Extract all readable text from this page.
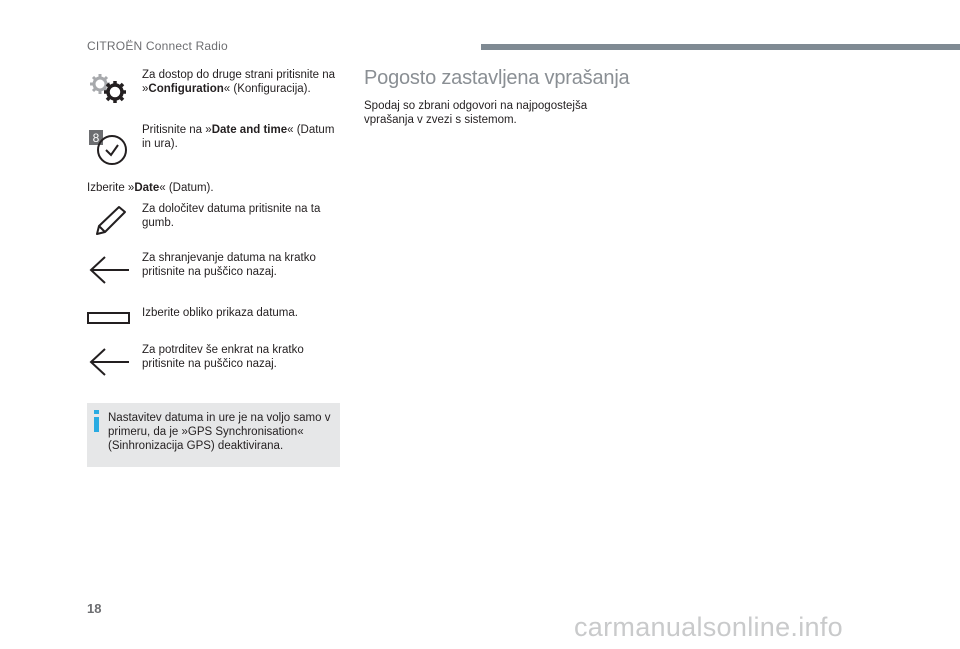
CITROËN Connect Radio
Za dostop do druge strani pritisnite na »Configuration« (Konfiguracija).
8
Pritisnite na »Date and time« (Datum in ura).
Izberite »Date« (Datum).
Za določitev datuma pritisnite na ta gumb.
Za shranjevanje datuma na kratko pritisnite na puščico nazaj.
Izberite obliko prikaza datuma.
Za potrditev še enkrat na kratko pritisnite na puščico nazaj.
Nastavitev datuma in ure je na voljo samo v primeru, da je »GPS Synchronisation« (Sinhronizacija GPS) deaktivirana.
Pogosto zastavljena vprašanja
Spodaj so zbrani odgovori na najpogostejša vprašanja v zvezi s sistemom.
18
carmanualsonline.info
